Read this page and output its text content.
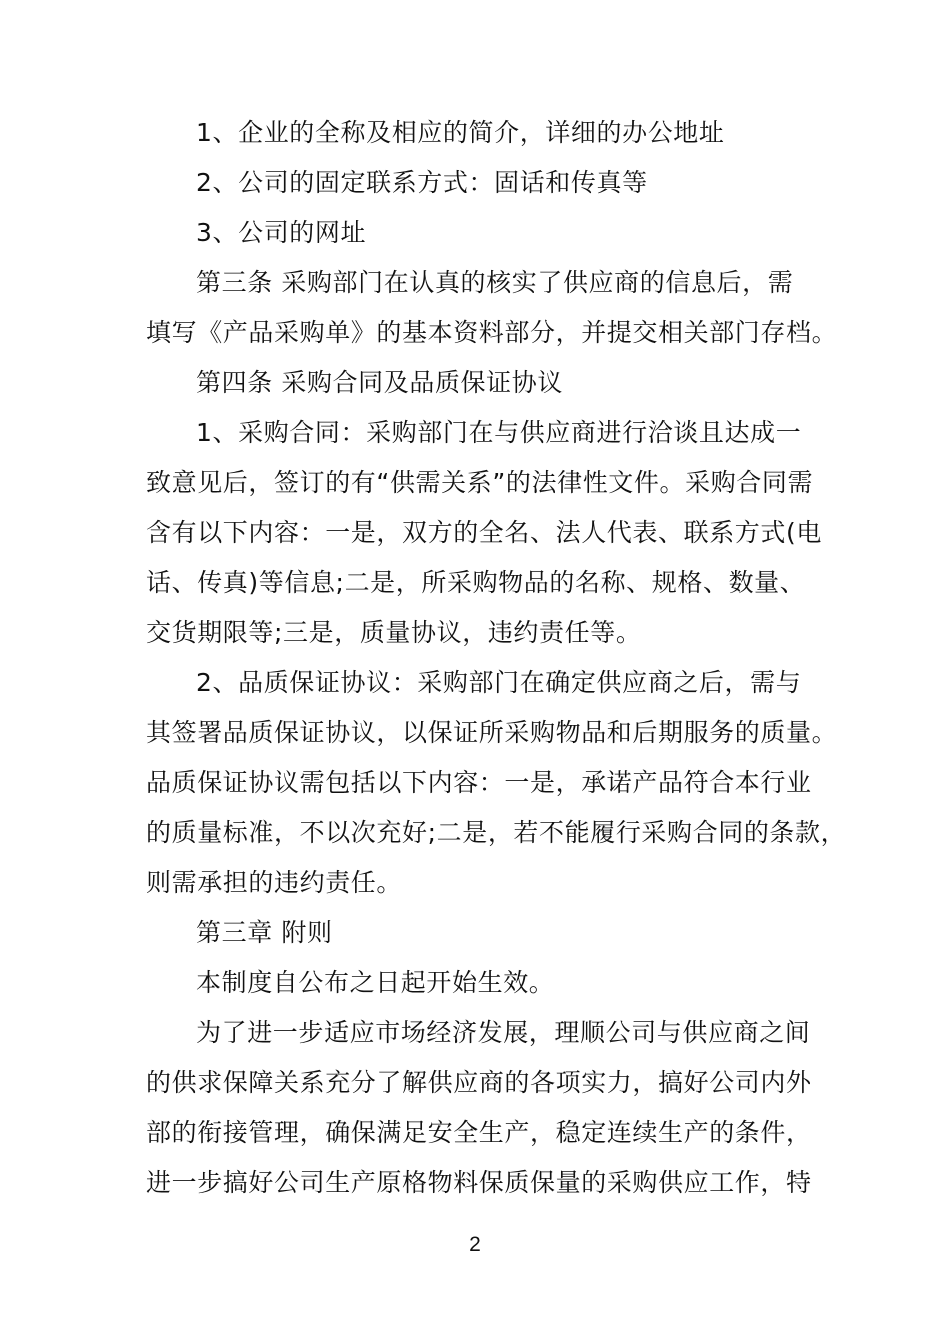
1、企业的全称及相应的简介，详细的办公地址
2、公司的固定联系方式：固话和传真等
3、公司的网址
第三条 采购部门在认真的核实了供应商的信息后，需
填写《产品采购单》的基本资料部分，并提交相关部门存档。
第四条 采购合同及品质保证协议
1、采购合同：采购部门在与供应商进行洽谈且达成一
致意见后，签订的有“供需关系”的法律性文件。采购合同需
含有以下内容：一是，双方的全名、法人代表、联系方式(电
话、传真)等信息;二是，所采购物品的名称、规格、数量、
交货期限等;三是，质量协议，违约责任等。
2、品质保证协议：采购部门在确定供应商之后，需与
其签署品质保证协议，以保证所采购物品和后期服务的质量。
品质保证协议需包括以下内容：一是，承诺产品符合本行业
的质量标准，不以次充好;二是，若不能履行采购合同的条款，
则需承担的违约责任。
第三章 附则
本制度自公布之日起开始生效。
为了进一步适应市场经济发展，理顺公司与供应商之间
的供求保障关系充分了解供应商的各项实力，搞好公司内外
部的衔接管理，确保满足安全生产，稳定连续生产的条件，
进一步搞好公司生产原格物料保质保量的采购供应工作，特
2
